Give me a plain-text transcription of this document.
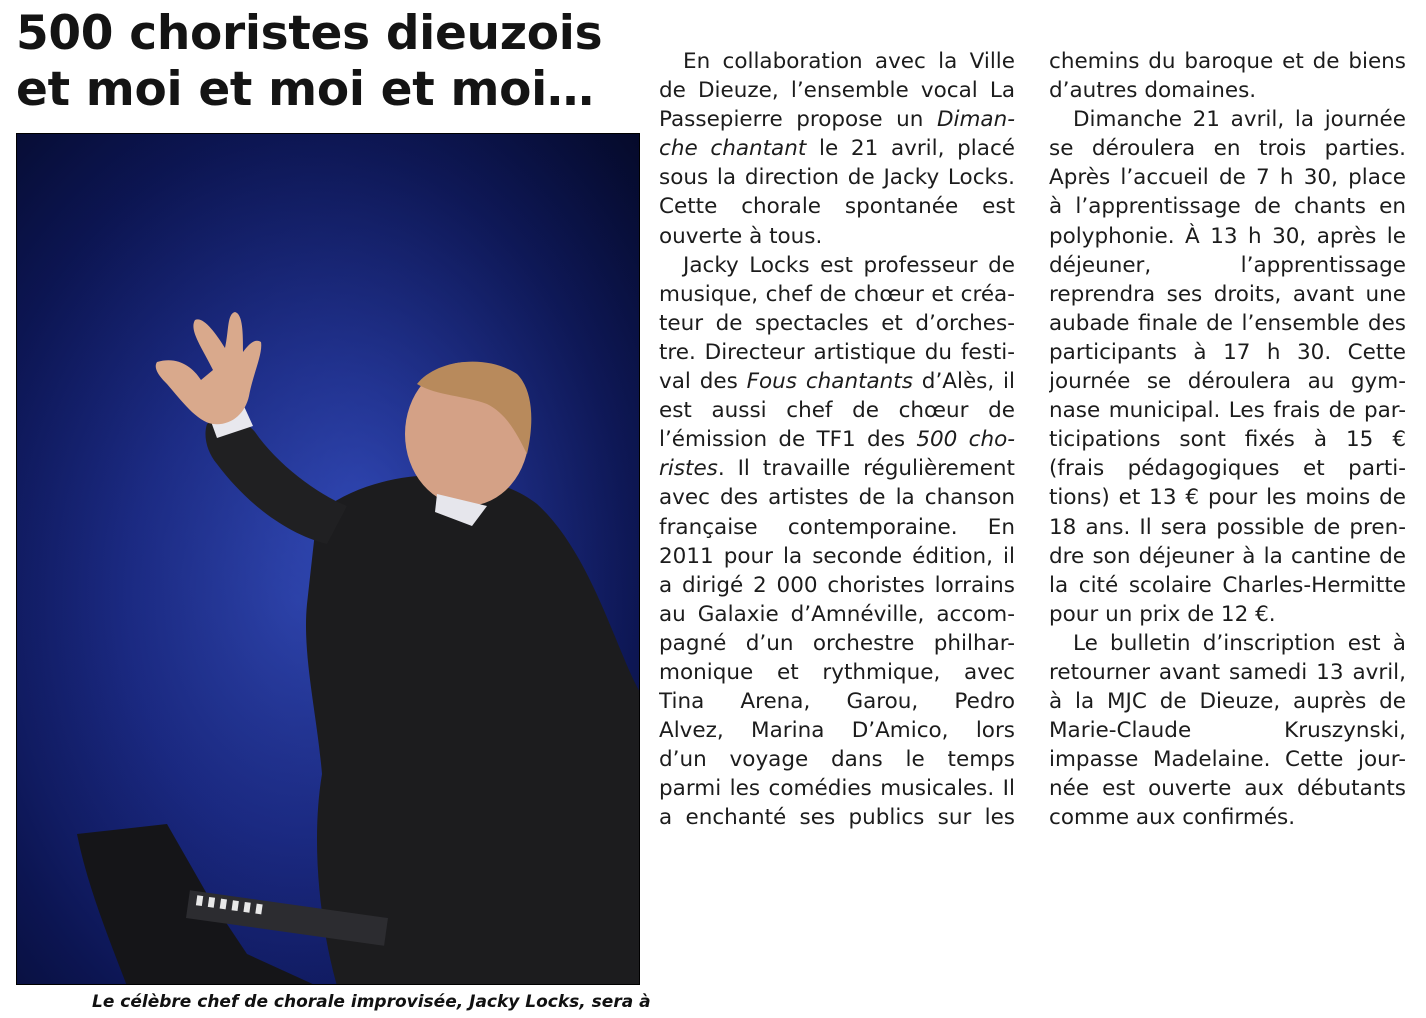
500 choristes dieuzois
et moi et moi et moi…

Le célèbre chef de chorale improvisée, Jacky Locks, sera à

En collaboration avec la Ville
de Dieuze, l’ensemble vocal La
Passepierre propose un Diman-
che chantant le 21 avril, placé
sous la direction de Jacky Locks.
Cette chorale spontanée est
ouverte à tous.

Jacky Locks est professeur de
musique, chef de chœur et créa-
teur de spectacles et d’orches-
tre. Directeur artistique du festi-
val des Fous chantants d’Alès, il
est aussi chef de chœur de
l’émission de TF1 des 500 cho-
ristes. Il travaille régulièrement
avec des artistes de la chanson
française contemporaine. En
2011 pour la seconde édition, il
a dirigé 2 000 choristes lorrains
au Galaxie d’Amnéville, accom-
pagné d’un orchestre philhar-
monique et rythmique, avec
Tina Arena, Garou, Pedro
Alvez, Marina D’Amico, lors
d’un voyage dans le temps
parmi les comédies musicales. Il
a enchanté ses publics sur les

chemins du baroque et de biens
d’autres domaines.

Dimanche 21 avril, la journée
se déroulera en trois parties.
Après l’accueil de 7 h 30, place
à l’apprentissage de chants en
polyphonie. À 13 h 30, après le
déjeuner, l’apprentissage
reprendra ses droits, avant une
aubade finale de l’ensemble des
participants à 17 h 30. Cette
journée se déroulera au gym-
nase municipal. Les frais de par-
ticipations sont fixés à 15 €
(frais pédagogiques et parti-
tions) et 13 € pour les moins de
18 ans. Il sera possible de pren-
dre son déjeuner à la cantine de
la cité scolaire Charles-Hermitte
pour un prix de 12 €.

Le bulletin d’inscription est à
retourner avant samedi 13 avril,
à la MJC de Dieuze, auprès de
Marie-Claude Kruszynski,
impasse Madelaine. Cette jour-
née est ouverte aux débutants
comme aux confirmés.
